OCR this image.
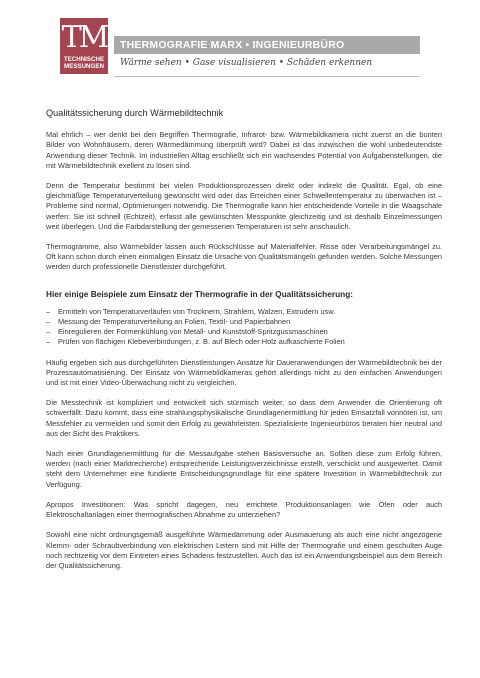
TM
TECHNISCHE MESSUNGEN
THERMOGRAFIE MARX • INGENIEURBÜRO
Wärme sehen • Gase visualisieren • Schäden erkennen
Qualitätssicherung durch Wärmebildtechnik

Mal ehrlich – wer denkt bei den Begriffen Thermografie, Infrarot- bzw. Wärmebildkamera nicht zuerst an die bunten Bilder von Wohnhäusern, deren Wärmedämmung überprüft wird? Dabei ist das inzwischen die wohl unbedeutendste Anwendung dieser Technik. Im industriellen Alltag erschließt sich ein wachsendes Potential von Aufgabenstellungen, die mit Wärmebildtechnik exellent zu lösen sind.

Denn die Temperatur bestimmt bei vielen Produktionsprozessen direkt oder indirekt die Qualität. Egal, ob eine gleichmäßige Temperaturverteilung gewünscht wird oder das Erreichen einer Schwellentemperatur zu überwachen ist – Probleme sind normal, Optimierungen notwendig. Die Thermografie kann hier entscheidende Vorteile in die Waagschale werfen: Sie ist schnell (Echtzeit), erfasst alle gewünschten Messpunkte gleichzeitig und ist deshalb Einzelmessungen weit überlegen. Und die Farbdarstellung der gemessenen Temperaturen ist sehr anschaulich.

Thermogramme, also Wärmebilder lassen auch Rückschlüsse auf Materialfehler, Risse oder Verarbeitungsmängel zu. Oft kann schon durch einen einmaligen Einsatz die Ursache von Qualitätsmängeln gefunden werden. Solche Messungen werden durch professionelle Dienstleister durchgeführt.

Hier einige Beispiele zum Einsatz der Thermografie in der Qualitätssicherung:
– Ermitteln von Temperaturverläufen von Trocknern, Strahlern, Walzen, Extrudern usw.
– Messung der Temperaturverteilung an Folien, Textil- und Papierbahnen
– Einregulieren der Formenkühlung von Metall- und Kunststoff-Spritzgussmaschinen
– Prüfen von flächigen Klebeverbindungen, z. B. auf Blech oder Holz aufkaschierte Folien

Häufig ergeben sich aus durchgeführten Dienstleistungen Ansätze für Daueranwendungen der Wärmebildtechnik bei der Prozessautomatisierung. Der Einsatz von Wärmebildkameras gehört allerdings nicht zu den einfachen Anwendungen und ist mit einer Video-Überwachung nicht zu vergleichen.

Die Messtechnik ist kompliziert und entwickelt sich stürmisch weiter, so dass dem Anwender die Orientierung oft schwerfällt. Dazu kommt, dass eine strahlungsphysikalische Grundlagenermittlung für jeden Einsatzfall vonnöten ist, um Messfehler zu vermeiden und somit den Erfolg zu gewährleisten. Spezialisierte Ingenieurbüros beraten hier neutral und aus der Sicht des Praktikers.

Nach einer Grundlagenermittlung für die Messaufgabe stehen Basisversuche an. Sollten diese zum Erfolg führen, werden (nach einer Marktrecherche) entsprechende Leistungsverzeichnisse erstellt, verschickt und ausgewertet. Damit steht dem Unternehmer eine fundierte Entscheidungsgrundlage für eine spätere Investition in Wärmebildtechnik zur Verfügung.

Apropos Investitionen: Was spricht dagegen, neu errichtete Produktionsanlagen wie Öfen oder auch Elektroschaltanlagen einer thermografischen Abnahme zu unterziehen?

Sowohl eine nicht ordnungsgemäß ausgeführte Wärmedämmung oder Ausmauerung als auch eine nicht angezogene Klemm- oder Schraubverbindung von elektrischen Leitern sind mit Hilfe der Thermografie und einem geschulten Auge noch rechtzeitig vor dem Eintreten eines Schadens festzustellen. Auch das ist ein Anwendungsbeispiel aus dem Bereich der Qualitätssicherung.
